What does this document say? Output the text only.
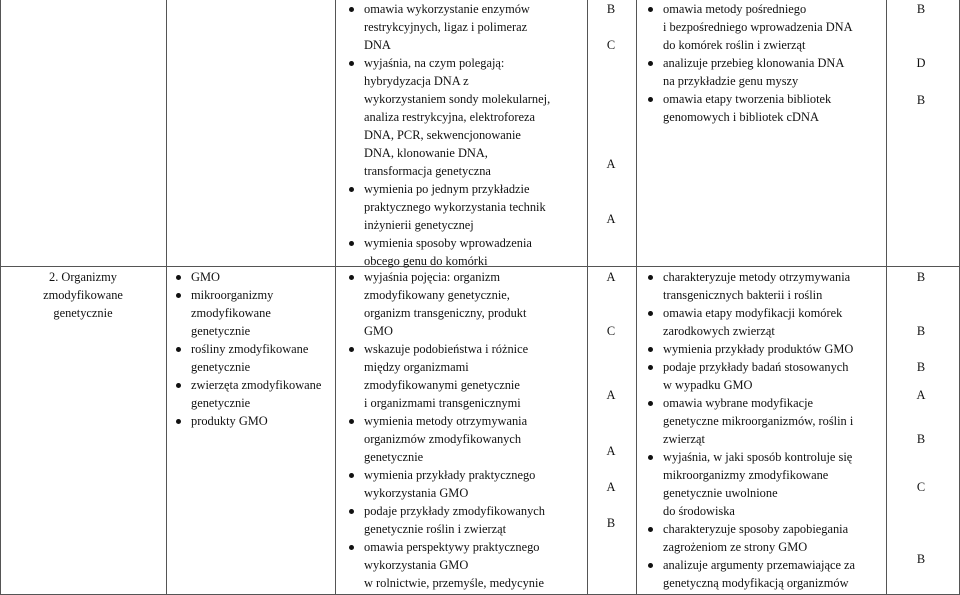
omawia wykorzystanie enzymów
restrykcyjnych, ligaz i polimeraz
DNA
wyjaśnia, na czym polegają:
hybrydyzacja DNA z
wykorzystaniem sondy molekularnej,
analiza restrykcyjna, elektroforeza
DNA, PCR, sekwencjonowanie
DNA, klonowanie DNA,
transformacja genetyczna
wymienia po jednym przykładzie
praktycznego wykorzystania technik
inżynierii genetycznej
wymienia sposoby wprowadzenia
obcego genu do komórki
omawia metody pośredniego
i bezpośredniego wprowadzenia DNA
do komórek roślin i zwierząt
analizuje przebieg klonowania DNA
na przykładzie genu myszy
omawia etapy tworzenia bibliotek
genomowych i bibliotek cDNA
B
C
A
A
B
D
B
2. Organizmy
zmodyfikowane
genetycznie
GMO
mikroorganizmy
zmodyfikowane
genetycznie
rośliny zmodyfikowane
genetycznie
zwierzęta zmodyfikowane
genetycznie
produkty GMO
wyjaśnia pojęcia: organizm
zmodyfikowany genetycznie,
organizm transgeniczny, produkt
GMO
wskazuje podobieństwa i różnice
między organizmami
zmodyfikowanymi genetycznie
i organizmami transgenicznymi
wymienia metody otrzymywania
organizmów zmodyfikowanych
genetycznie
wymienia przykłady praktycznego
wykorzystania GMO
podaje przykłady zmodyfikowanych
genetycznie roślin i zwierząt
omawia perspektywy praktycznego
wykorzystania GMO
w rolnictwie, przemyśle, medycynie
charakteryzuje metody otrzymywania
transgenicznych bakterii i roślin
omawia etapy modyfikacji komórek
zarodkowych zwierząt
wymienia przykłady produktów GMO
podaje przykłady badań stosowanych
w wypadku GMO
omawia wybrane modyfikacje
genetyczne mikroorganizmów, roślin i
zwierząt
wyjaśnia, w jaki sposób kontroluje się
mikroorganizmy zmodyfikowane
genetycznie uwolnione
do środowiska
charakteryzuje sposoby zapobiegania
zagrożeniom ze strony GMO
analizuje argumenty przemawiające za
genetyczną modyfikacją organizmów
A
C
A
A
A
B
B
B
B
A
B
C
B
